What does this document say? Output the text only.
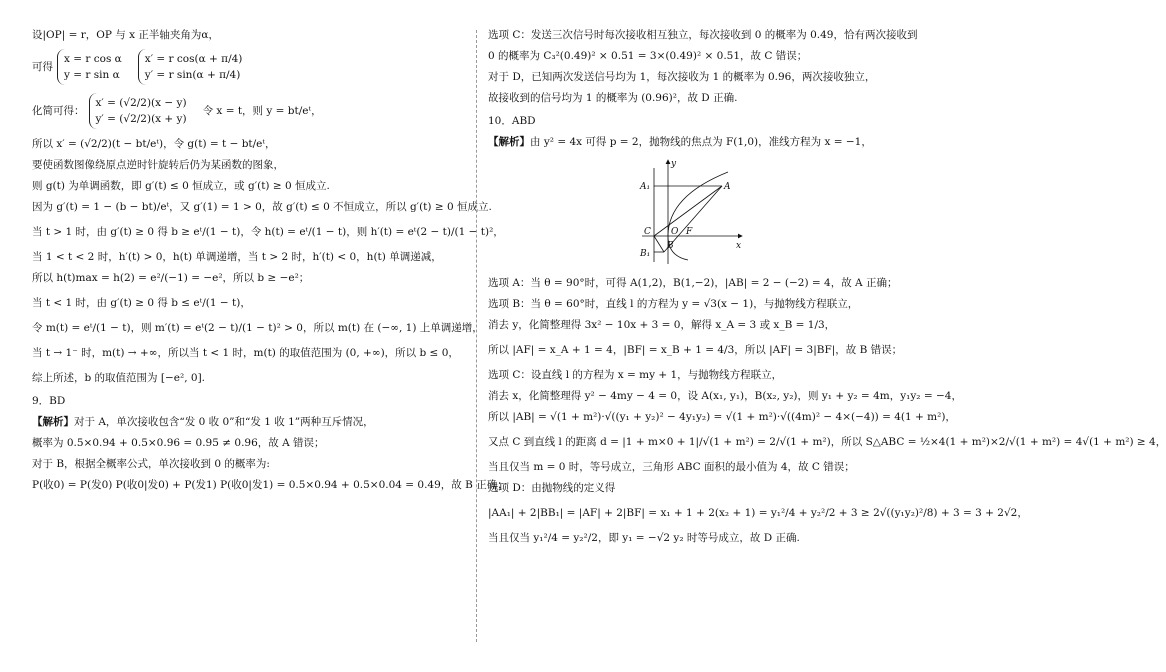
设|OP| = r，OP 与 x 正半轴夹角为α，
可得
x = r cos α
y = r sin α
x′ = r cos(α + π/4)
y′ = r sin(α + π/4)
化简可得：
x′ = (√2/2)(x − y)
y′ = (√2/2)(x + y)
令 x = t，则 y = bt/eᵗ，
所以 x′ = (√2/2)(t − bt/eᵗ)，令 g(t) = t − bt/eᵗ，
要使函数图像绕原点逆时针旋转后仍为某函数的图象，
则 g(t) 为单调函数，即 g′(t) ≤ 0 恒成立，或 g′(t) ≥ 0 恒成立.
因为 g′(t) = 1 − (b − bt)/eᵗ，又 g′(1) = 1 > 0，故 g′(t) ≤ 0 不恒成立，所以 g′(t) ≥ 0 恒成立.
当 t > 1 时，由 g′(t) ≥ 0 得 b ≥ eᵗ/(1 − t)，令 h(t) = eᵗ/(1 − t)，则 h′(t) = eᵗ(2 − t)/(1 − t)²，
当 1 < t < 2 时，h′(t) > 0，h(t) 单调递增，当 t > 2 时，h′(t) < 0，h(t) 单调递减，
所以 h(t)max = h(2) = e²/(−1) = −e²，所以 b ≥ −e²；
当 t < 1 时，由 g′(t) ≥ 0 得 b ≤ eᵗ/(1 − t)，
令 m(t) = eᵗ/(1 − t)，则 m′(t) = eᵗ(2 − t)/(1 − t)² > 0，所以 m(t) 在 (−∞, 1) 上单调递增，
当 t → 1⁻ 时，m(t) → +∞，所以当 t < 1 时，m(t) 的取值范围为 (0, +∞)，所以 b ≤ 0，
综上所述，b 的取值范围为 [−e², 0].
9．BD
【解析】对于 A，单次接收包含“发 0 收 0”和“发 1 收 1”两种互斥情况，
概率为 0.5×0.94 + 0.5×0.96 = 0.95 ≠ 0.96，故 A 错误；
对于 B，根据全概率公式，单次接收到 0 的概率为:
P(收0) = P(发0) P(收0|发0) + P(发1) P(收0|发1) = 0.5×0.94 + 0.5×0.04 = 0.49，故 B 正确；
选项 C：发送三次信号时每次接收相互独立，每次接收到 0 的概率为 0.49，恰有两次接收到
0 的概率为 C₃²(0.49)² × 0.51 = 3×(0.49)² × 0.51，故 C 错误；
对于 D，已知两次发送信号均为 1，每次接收为 1 的概率为 0.96，两次接收独立，
故接收到的信号均为 1 的概率为 (0.96)²，故 D 正确.
10．ABD
【解析】由 y² = 4x 可得 p = 2，抛物线的焦点为 F(1,0)，准线方程为 x = −1，
y
x
A₁	A
C O F
B
B₁
选项 A：当 θ = 90°时，可得 A(1,2)，B(1,−2)，|AB| = 2 − (−2) = 4，故 A 正确；
选项 B：当 θ = 60°时，直线 l 的方程为 y = √3(x − 1)，与抛物线方程联立，
消去 y，化简整理得 3x² − 10x + 3 = 0，解得 x_A = 3 或 x_B = 1/3，
所以 |AF| = x_A + 1 = 4，|BF| = x_B + 1 = 4/3，所以 |AF| = 3|BF|，故 B 错误；
选项 C：设直线 l 的方程为 x = my + 1，与抛物线方程联立，
消去 x，化简整理得 y² − 4my − 4 = 0，设 A(x₁, y₁)，B(x₂, y₂)，则 y₁ + y₂ = 4m，y₁y₂ = −4，
所以 |AB| = √(1 + m²)·√((y₁ + y₂)² − 4y₁y₂) = √(1 + m²)·√((4m)² − 4×(−4)) = 4(1 + m²)，
又点 C 到直线 l 的距离 d = |1 + m×0 + 1|/√(1 + m²) = 2/√(1 + m²)，所以 S△ABC = ½×4(1 + m²)×2/√(1 + m²) = 4√(1 + m²) ≥ 4，
当且仅当 m = 0 时，等号成立，三角形 ABC 面积的最小值为 4，故 C 错误；
选项 D：由抛物线的定义得
|AA₁| + 2|BB₁| = |AF| + 2|BF| = x₁ + 1 + 2(x₂ + 1) = y₁²/4 + y₂²/2 + 3 ≥ 2√((y₁y₂)²/8) + 3 = 3 + 2√2，
当且仅当 y₁²/4 = y₂²/2，即 y₁ = −√2 y₂ 时等号成立，故 D 正确.
